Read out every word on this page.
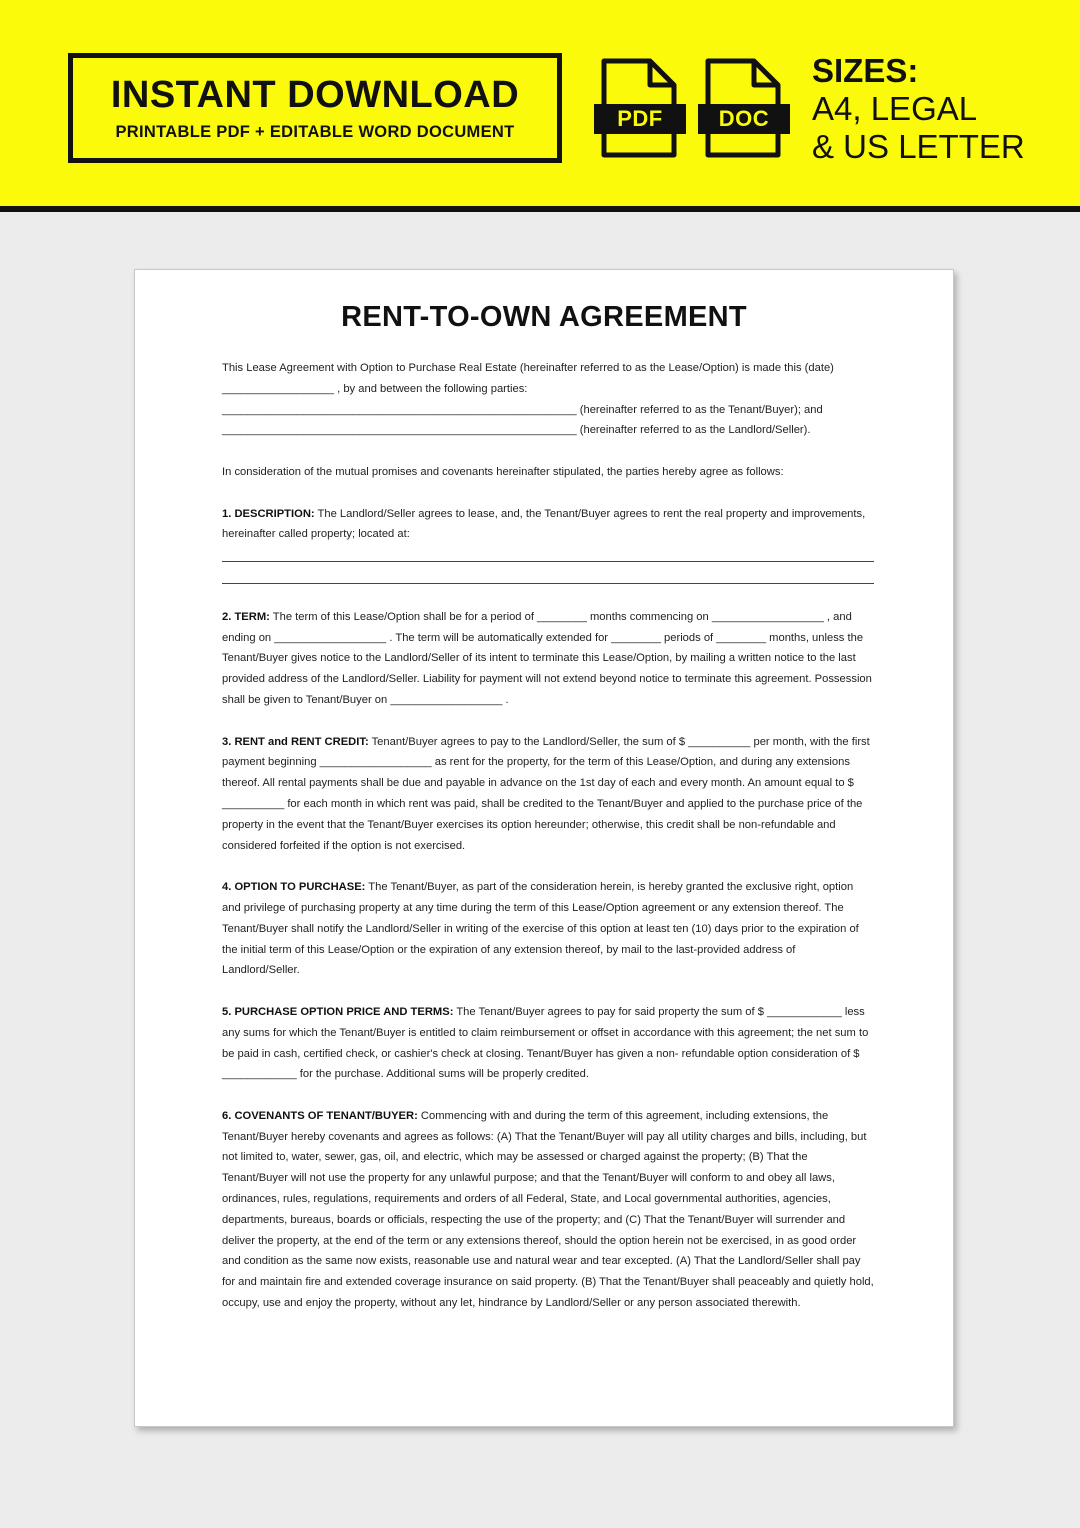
INSTANT DOWNLOAD
PRINTABLE PDF + EDITABLE WORD DOCUMENT
PDF	DOC
SIZES:
A4, LEGAL
& US LETTER
RENT-TO-OWN AGREEMENT

This Lease Agreement with Option to Purchase Real Estate (hereinafter referred to as the Lease/Option) is made this (date)
__________________ , by and between the following parties:
_________________________________________________________ (hereinafter referred to as the Tenant/Buyer); and
_________________________________________________________ (hereinafter referred to as the Landlord/Seller).

In consideration of the mutual promises and covenants hereinafter stipulated, the parties hereby agree as follows:

1. DESCRIPTION: The Landlord/Seller agrees to lease, and, the Tenant/Buyer agrees to rent the real property and improvements, hereinafter called property; located at:

2. TERM: The term of this Lease/Option shall be for a period of ________ months commencing on __________________ , and ending on __________________ . The term will be automatically extended for ________ periods of ________ months, unless the Tenant/Buyer gives notice to the Landlord/Seller of its intent to terminate this Lease/Option, by mailing a written notice to the last provided address of the Landlord/Seller. Liability for payment will not extend beyond notice to terminate this agreement. Possession shall be given to Tenant/Buyer on __________________ .

3. RENT and RENT CREDIT: Tenant/Buyer agrees to pay to the Landlord/Seller, the sum of $ __________ per month, with the first payment beginning __________________ as rent for the property, for the term of this Lease/Option, and during any extensions thereof. All rental payments shall be due and payable in advance on the 1st day of each and every month. An amount equal to $ __________ for each month in which rent was paid, shall be credited to the Tenant/Buyer and applied to the purchase price of the property in the event that the Tenant/Buyer exercises its option hereunder; otherwise, this credit shall be non-refundable and considered forfeited if the option is not exercised.

4. OPTION TO PURCHASE: The Tenant/Buyer, as part of the consideration herein, is hereby granted the exclusive right, option and privilege of purchasing property at any time during the term of this Lease/Option agreement or any extension thereof. The Tenant/Buyer shall notify the Landlord/Seller in writing of the exercise of this option at least ten (10) days prior to the expiration of the initial term of this Lease/Option or the expiration of any extension thereof, by mail to the last-provided address of Landlord/Seller.

5. PURCHASE OPTION PRICE AND TERMS: The Tenant/Buyer agrees to pay for said property the sum of $ ____________ less any sums for which the Tenant/Buyer is entitled to claim reimbursement or offset in accordance with this agreement; the net sum to be paid in cash, certified check, or cashier's check at closing. Tenant/Buyer has given a non- refundable option consideration of $ ____________ for the purchase. Additional sums will be properly credited.

6. COVENANTS OF TENANT/BUYER: Commencing with and during the term of this agreement, including extensions, the Tenant/Buyer hereby covenants and agrees as follows: (A) That the Tenant/Buyer will pay all utility charges and bills, including, but not limited to, water, sewer, gas, oil, and electric, which may be assessed or charged against the property; (B) That the Tenant/Buyer will not use the property for any unlawful purpose; and that the Tenant/Buyer will conform to and obey all laws, ordinances, rules, regulations, requirements and orders of all Federal, State, and Local governmental authorities, agencies, departments, bureaus, boards or officials, respecting the use of the property; and (C) That the Tenant/Buyer will surrender and deliver the property, at the end of the term or any extensions thereof, should the option herein not be exercised, in as good order and condition as the same now exists, reasonable use and natural wear and tear excepted. (A) That the Landlord/Seller shall pay for and maintain fire and extended coverage insurance on said property. (B) That the Tenant/Buyer shall peaceably and quietly hold, occupy, use and enjoy the property, without any let, hindrance by Landlord/Seller or any person associated therewith.
